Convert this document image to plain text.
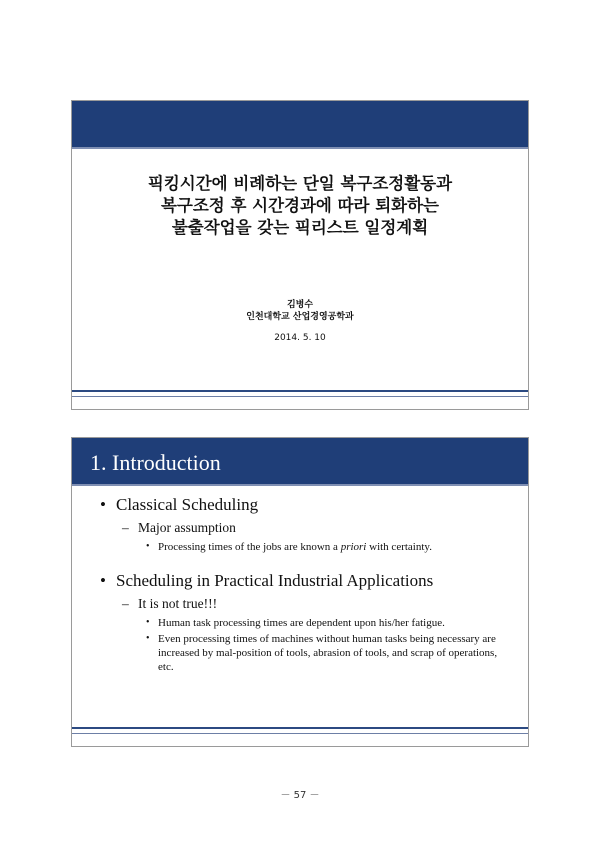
픽킹시간에 비례하는 단일 복구조정활동과
복구조정 후 시간경과에 따라 퇴화하는
불출작업을 갖는 픽리스트 일정계획
김병수
인천대학교 산업경영공학과
2014. 5. 10
1. Introduction
• Classical Scheduling
– Major assumption
• Processing times of the jobs are known a priori with certainty.
• Scheduling in Practical Industrial Applications
– It is not true!!!
• Human task processing times are dependent upon his/her fatigue.
• Even processing times of machines without human tasks being necessary are increased by mal-position of tools, abrasion of tools, and scrap of operations, etc.
－ 57 －
